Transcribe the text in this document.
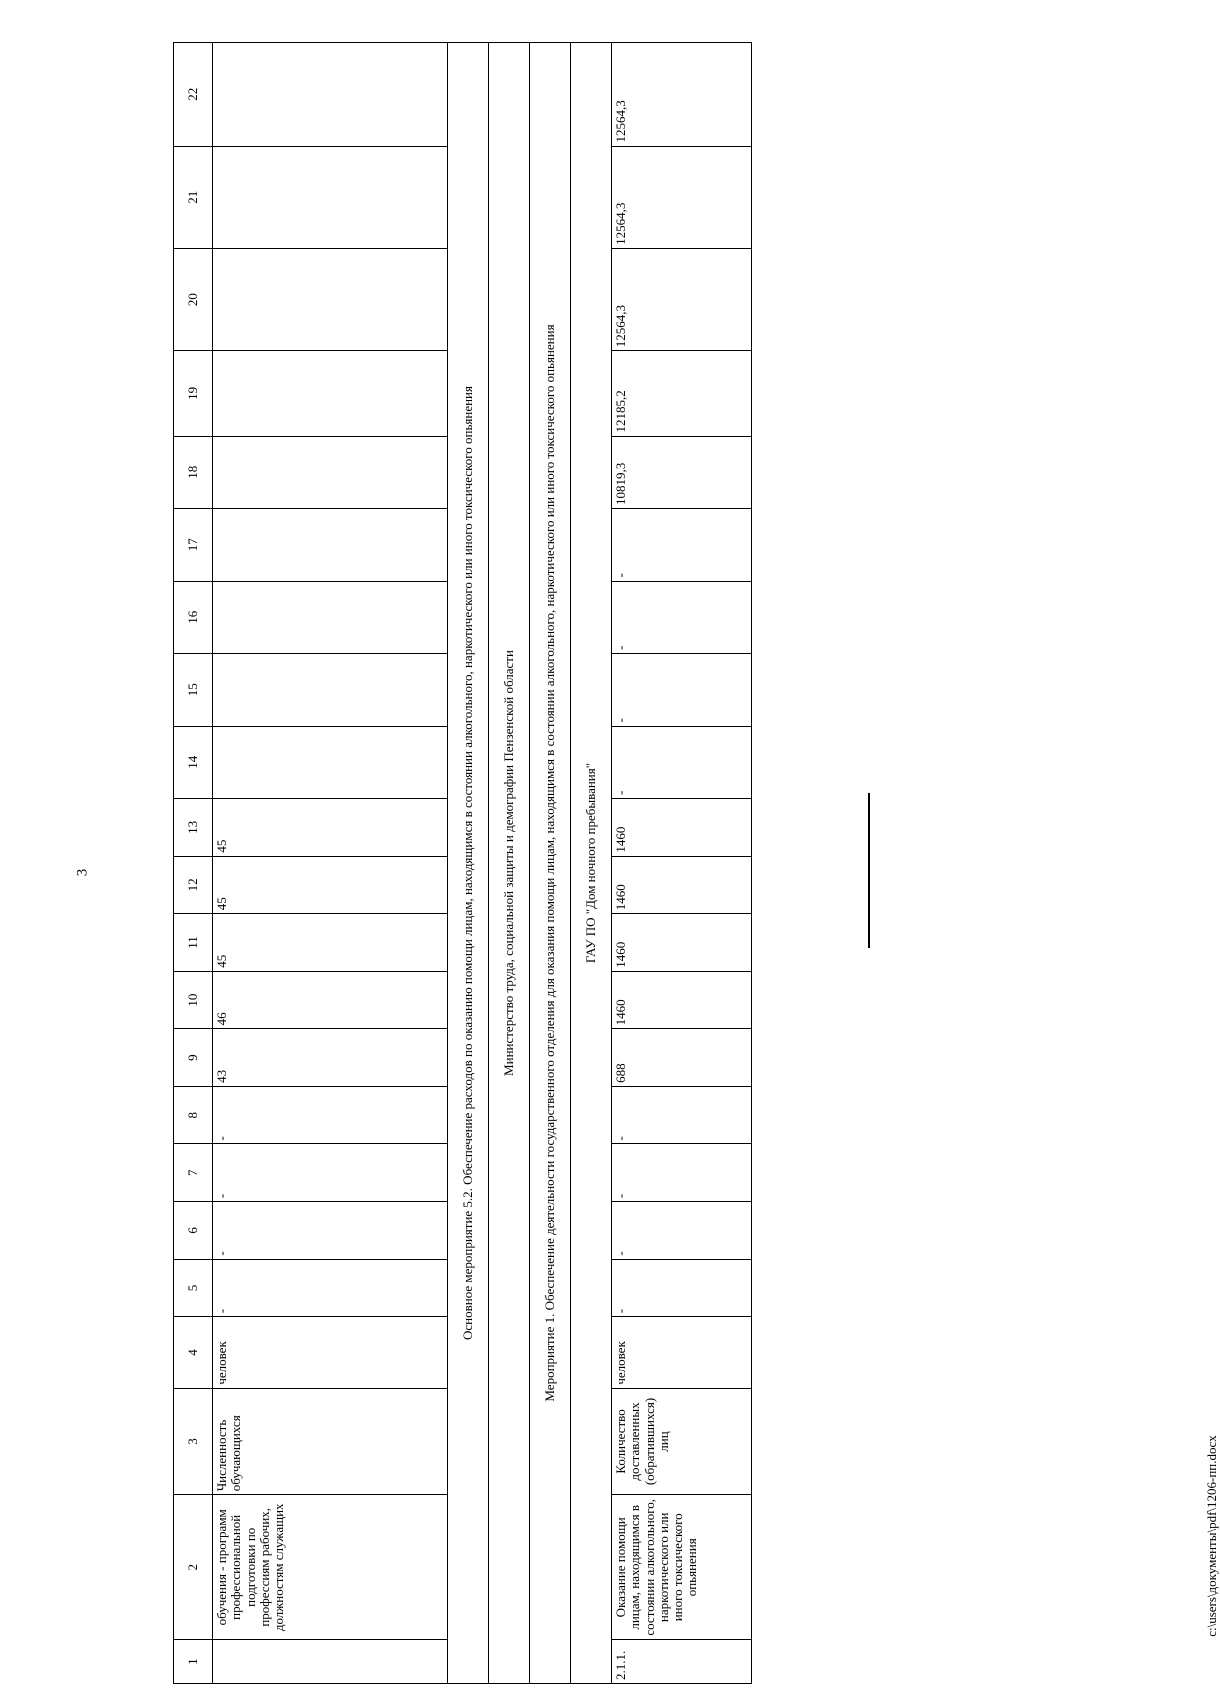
3
1	2	3	4	5	6	7	8	9	10	11	12	13	14	15	16	17	18	19	20	21	22
	обучения - программ профессиональной подготовки по профессиям рабочих, должностям служащих	Численность обучающихся	человек	-	-	-	-	43	46	45	45	45									
Основное мероприятие 5.2. Обеспечение расходов по оказанию помощи лицам, находящимся в состоянии алкогольного, наркотического или иного токсического опьянения																					
Министерство труда, социальной защиты и демографии Пензенской области																					
Мероприятие 1. Обеспечение деятельности государственного отделения для оказания помощи лицам, находящимся в состоянии алкогольного, наркотического или иного токсического опьянения																					
ГАУ ПО "Дом ночного пребывания"																					
2.1.1.	Оказание помощи лицам, находящимся в состоянии алкогольного, наркотического или иного токсического опьянения	Количество доставленных (обратившихся) лиц	человек	-	-	-	-	688	1460	1460	1460	1460	-	-	-	-	10819,3	12185,2	12564,3	12564,3	12564,3
c:\users\документы\pdf\1206-пп.docx
